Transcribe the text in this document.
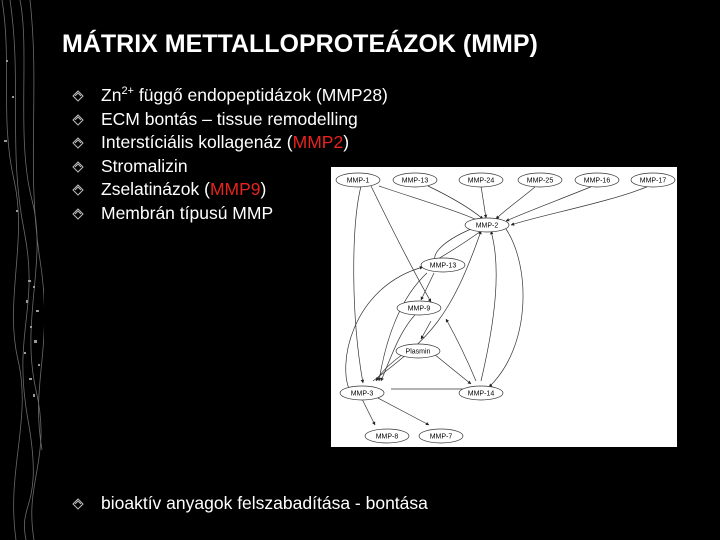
MÁTRIX METTALLOPROTEÁZOK (MMP)
$Zn^{2+}$ függő endopeptidázok (MMP28)
ECM bontás – tissue remodelling
Interstíciális kollagenáz (MMP2)
Stromalizin
Zselatinázok (MMP9)
Membrán típusú MMP
MMP-1	MMP-13	MMP-24	MMP-25	MMP-16	MMP-17
MMP-2
MMP-13
MMP-9
Plasmin
MMP-3	MMP-14
MMP-8	MMP-7
bioaktív anyagok felszabadítása - bontása
